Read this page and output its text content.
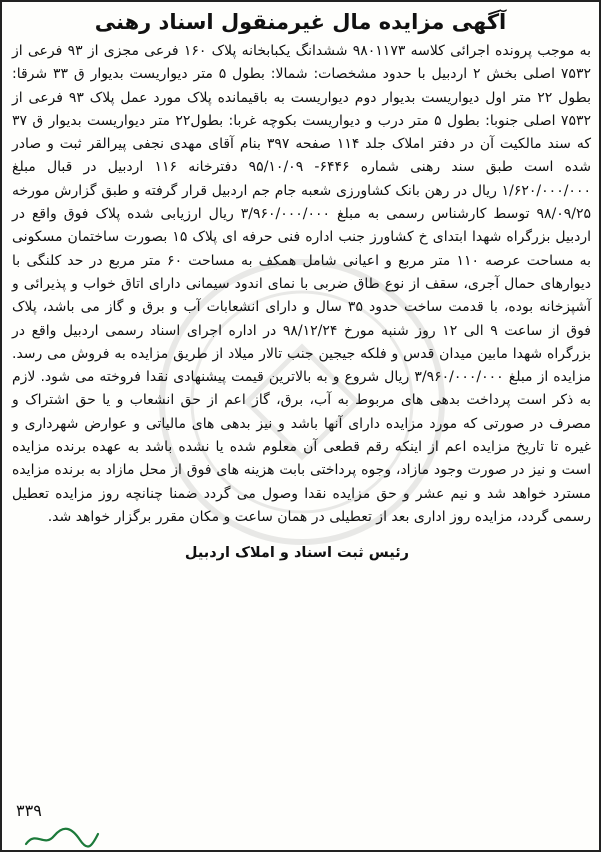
آگهی مزایده مال غیرمنقول اسناد رهنی

به موجب پرونده اجرائی کلاسه ۹۸۰۱۱۷۳ ششدانگ یکبابخانه پلاک ۱۶۰ فرعی مجزی از ۹۳ فرعی از ۷۵۳۲ اصلی بخش ۲ اردبیل با حدود مشخصات: شمالا: بطول ۵ متر دیواریست بدیوار ق ۳۳ شرقا: بطول ۲۲ متر اول دیواریست بدیوار دوم دیواریست به باقیمانده پلاک مورد عمل پلاک ۹۳ فرعی از ۷۵۳۲ اصلی جنوبا: بطول ۵ متر درب و دیواریست بکوچه غربا: بطول۲۲ متر دیواریست بدیوار ق ۳۷ که سند مالکیت آن در دفتر املاک جلد ۱۱۴ صفحه ۳۹۷ بنام آقای مهدی نجفی پیرالقر ثبت و صادر شده است طبق سند رهنی شماره ۶۴۴۶- ۹۵/۱۰/۰۹ دفترخانه ۱۱۶ اردبیل در قبال مبلغ ۱/۶۲۰/۰۰۰/۰۰۰ ریال در رهن بانک کشاورزی شعبه جام جم اردبیل قرار گرفته و طبق گزارش مورخه ۹۸/۰۹/۲۵ توسط کارشناس رسمی به مبلغ ۳/۹۶۰/۰۰۰/۰۰۰ ریال ارزیابی شده پلاک فوق واقع در اردبیل بزرگراه شهدا ابتدای خ کشاورز جنب اداره فنی حرفه ای پلاک ۱۵ بصورت ساختمان مسکونی به مساحت عرصه ۱۱۰ متر مربع و اعیانی شامل همکف به مساحت ۶۰ متر مربع در حد کلنگی با دیوارهای حمال آجری، سقف از نوع طاق ضربی با نمای اندود سیمانی دارای اتاق خواب و پذیرائی و آشپزخانه بوده، با قدمت ساخت حدود ۳۵ سال و دارای انشعابات آب و برق و گاز می باشد، پلاک فوق از ساعت ۹ الی ۱۲ روز شنبه مورخ ۹۸/۱۲/۲۴ در اداره اجرای اسناد رسمی اردبیل واقع در بزرگراه شهدا مابین میدان قدس و فلکه جیجین جنب تالار میلاد از طریق مزایده به فروش می رسد. مزایده از مبلغ ۳/۹۶۰/۰۰۰/۰۰۰ ریال شروع و به بالاترین قیمت پیشنهادی نقدا فروخته می شود. لازم به ذکر است پرداخت بدهی های مربوط به آب، برق، گاز اعم از حق انشعاب و یا حق اشتراک و مصرف در صورتی که مورد مزایده دارای آنها باشد و نیز بدهی های مالیاتی و عوارض شهرداری و غیره تا تاریخ مزایده اعم از اینکه رقم قطعی آن معلوم شده یا نشده باشد به عهده برنده مزایده است و نیز در صورت وجود مازاد، وجوه پرداختی بابت هزینه های فوق از محل مازاد به برنده مزایده مسترد خواهد شد و نیم عشر و حق مزایده نقدا وصول می گردد ضمنا چنانچه روز مزایده تعطیل رسمی گردد، مزایده روز اداری بعد از تعطیلی در همان ساعت و مکان مقرر برگزار خواهد شد.

رئیس ثبت اسناد و املاک اردبیل
۳۳۹
